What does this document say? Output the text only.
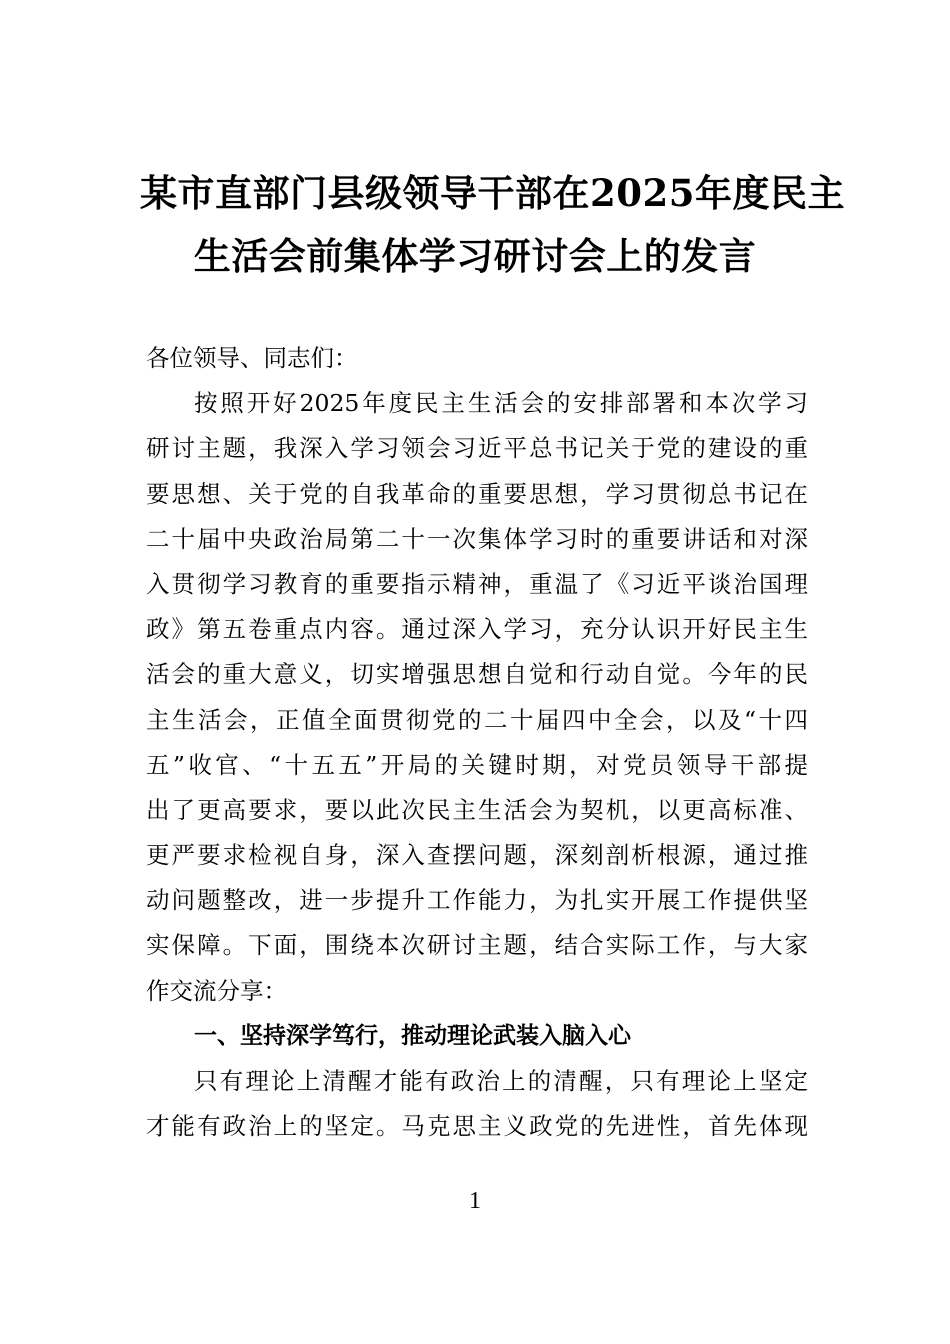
某市直部门县级领导干部在2025年度民主
生活会前集体学习研讨会上的发言
各位领导、同志们：
按照开好2025年度民主生活会的安排部署和本次学习
研讨主题，我深入学习领会习近平总书记关于党的建设的重
要思想、关于党的自我革命的重要思想，学习贯彻总书记在
二十届中央政治局第二十一次集体学习时的重要讲话和对深
入贯彻学习教育的重要指示精神，重温了《习近平谈治国理
政》第五卷重点内容。通过深入学习，充分认识开好民主生
活会的重大意义，切实增强思想自觉和行动自觉。今年的民
主生活会，正值全面贯彻党的二十届四中全会，以及“十四
五”收官、“十五五”开局的关键时期，对党员领导干部提
出了更高要求，要以此次民主生活会为契机，以更高标准、
更严要求检视自身，深入查摆问题，深刻剖析根源，通过推
动问题整改，进一步提升工作能力，为扎实开展工作提供坚
实保障。下面，围绕本次研讨主题，结合实际工作，与大家
作交流分享：
一、坚持深学笃行，推动理论武装入脑入心
只有理论上清醒才能有政治上的清醒，只有理论上坚定
才能有政治上的坚定。马克思主义政党的先进性，首先体现
1
